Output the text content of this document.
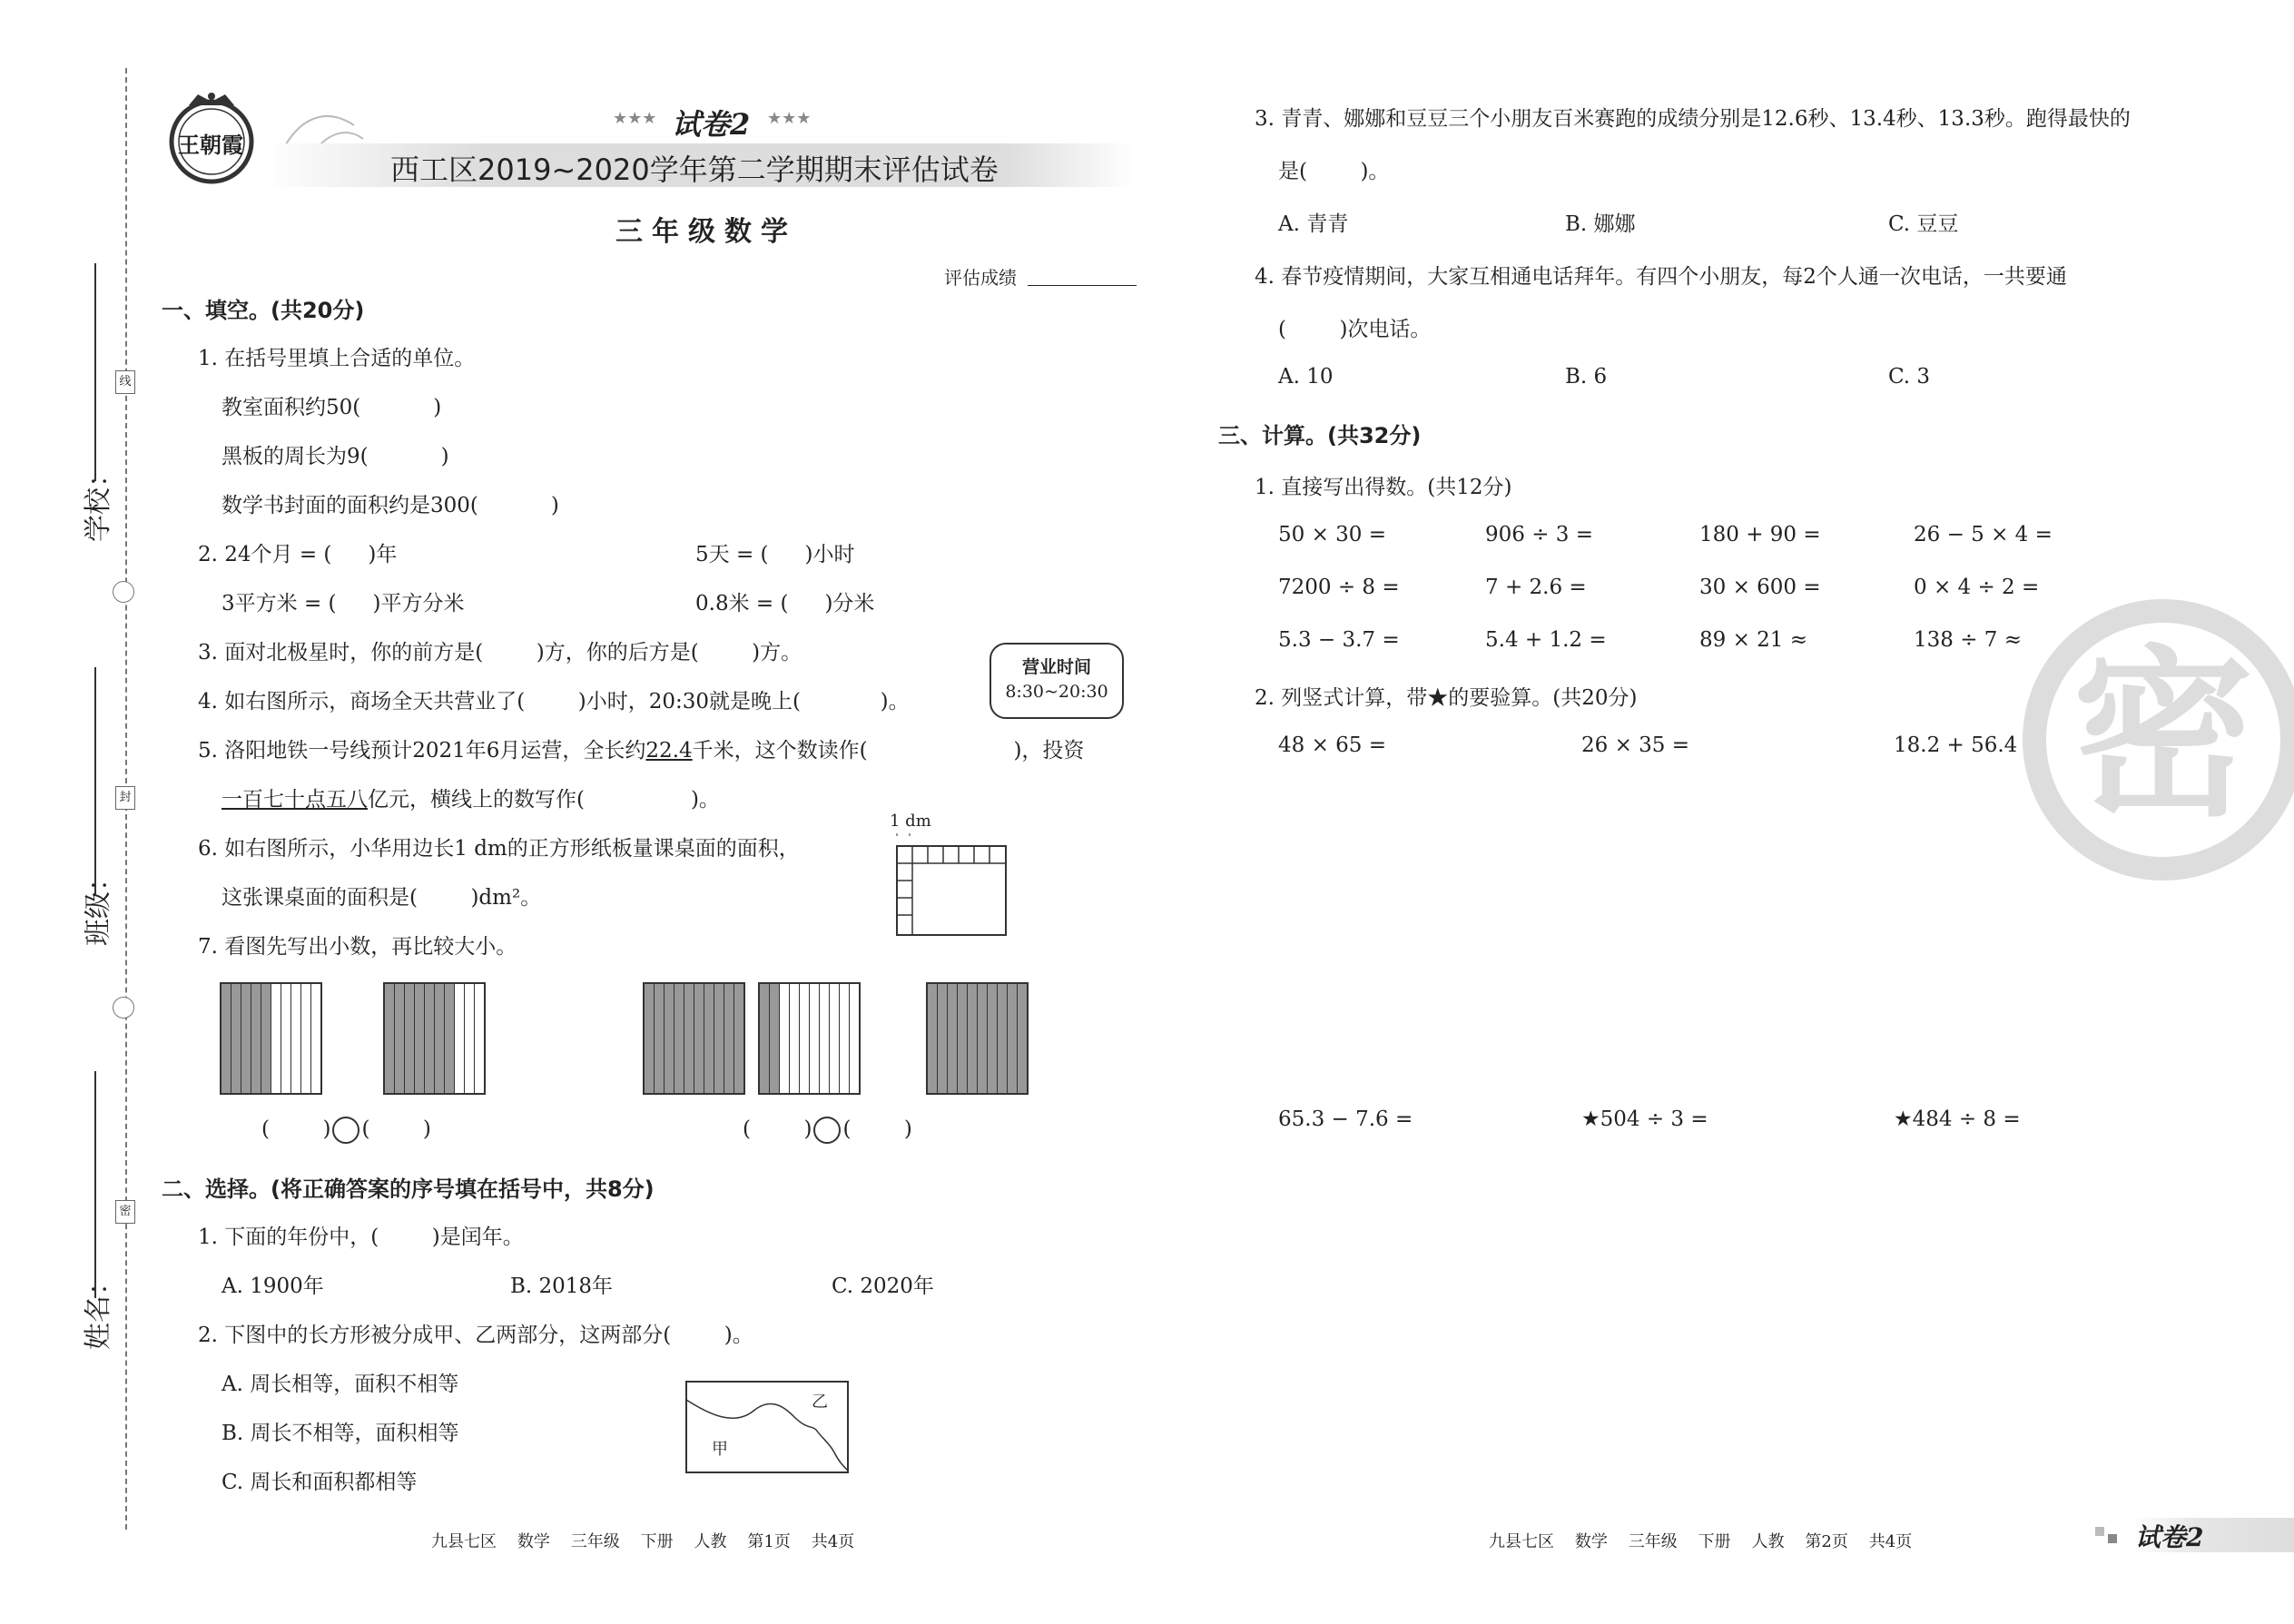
学校：
班级：
姓名：
线
封
密
王朝霞
★★★ 试卷2 ★★★
西工区2019~2020学年第二学期期末评估试卷
三年级数学
评估成绩
一、填空。(共20分)
1. 在括号里填上合适的单位。
教室面积约50(	)
黑板的周长为9(	)
数学书封面的面积约是300(	)
2. 24个月 = ( )年	5天 = ( )小时
3平方米 = ( )平方分米	0.8米 = ( )分米
3. 面对北极星时，你的前方是(        )方，你的后方是(        )方。
4. 如右图所示，商场全天共营业了(        )小时，20:30就是晚上(            )。
营业时间
8:30~20:30
5. 洛阳地铁一号线预计2021年6月运营，全长约22.4千米，这个数读作(                      )，投资
一百七十点五八亿元，横线上的数写作(                )。
6. 如右图所示，小华用边长1 dm的正方形纸板量课桌面的面积，
这张课桌面的面积是(        )dm²。
1 dm
7. 看图先写出小数，再比较大小。
(        ) (        )	(        ) (        )
二、选择。(将正确答案的序号填在括号中，共8分)
1. 下面的年份中，(        )是闰年。
A. 1900年	B. 2018年	C. 2020年
2. 下图中的长方形被分成甲、乙两部分，这两部分(        )。
A. 周长相等，面积不相等
B. 周长不相等，面积相等
C. 周长和面积都相等
甲
乙
3. 青青、娜娜和豆豆三个小朋友百米赛跑的成绩分别是12.6秒、13.4秒、13.3秒。跑得最快的
是(        )。
A. 青青	B. 娜娜	C. 豆豆
4. 春节疫情期间，大家互相通电话拜年。有四个小朋友，每2个人通一次电话，一共要通
(        )次电话。
A. 10	B. 6	C. 3
三、计算。(共32分)
1. 直接写出得数。(共12分)
50 × 30 =	906 ÷ 3 =	180 + 90 =	26 − 5 × 4 =
7200 ÷ 8 =	7 + 2.6 =	30 × 600 =	0 × 4 ÷ 2 =
5.3 − 3.7 =	5.4 + 1.2 =	89 × 21 ≈	138 ÷ 7 ≈
2. 列竖式计算，带★的要验算。(共20分)
48 × 65 =	26 × 35 =	18.2 + 56.4 =
65.3 − 7.6 =	★504 ÷ 3 =	★484 ÷ 8 =
密
九县七区    数学    三年级    下册    人教    第1页    共4页	九县七区    数学    三年级    下册    人教    第2页    共4页	试卷2
